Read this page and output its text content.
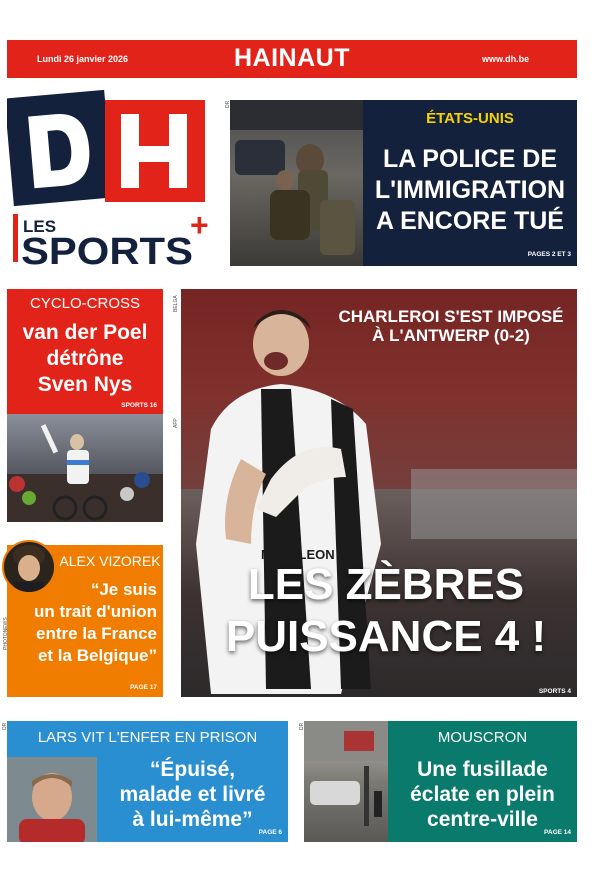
Lundi 26 janvier 2026	HAINAUT	www.dh.be
LES
SPORTS
+
ÉTATS-UNIS
LA POLICE DE
L'IMMIGRATION
A ENCORE TUÉ
PAGES 2 ET 3
DR
CYCLO-CROSS
van der Poel
détrône
Sven Nys
SPORTS 16
BELGA
ALEX VIZOREK
“Je suis
un trait d'union
entre la France
et la Belgique”
PAGE 17
PHOTONEWS
NAPOLEON
CHARLEROI S'EST IMPOSÉ
À L'ANTWERP (0-2)
LES ZÈBRES
PUISSANCE 4 !
SPORTS 4
AFP
LARS VIT L'ENFER EN PRISON
“Épuisé,
malade et livré
à lui-même”
PAGE 6
DR
MOUSCRON
Une fusillade
éclate en plein
centre-ville
PAGE 14
DR
